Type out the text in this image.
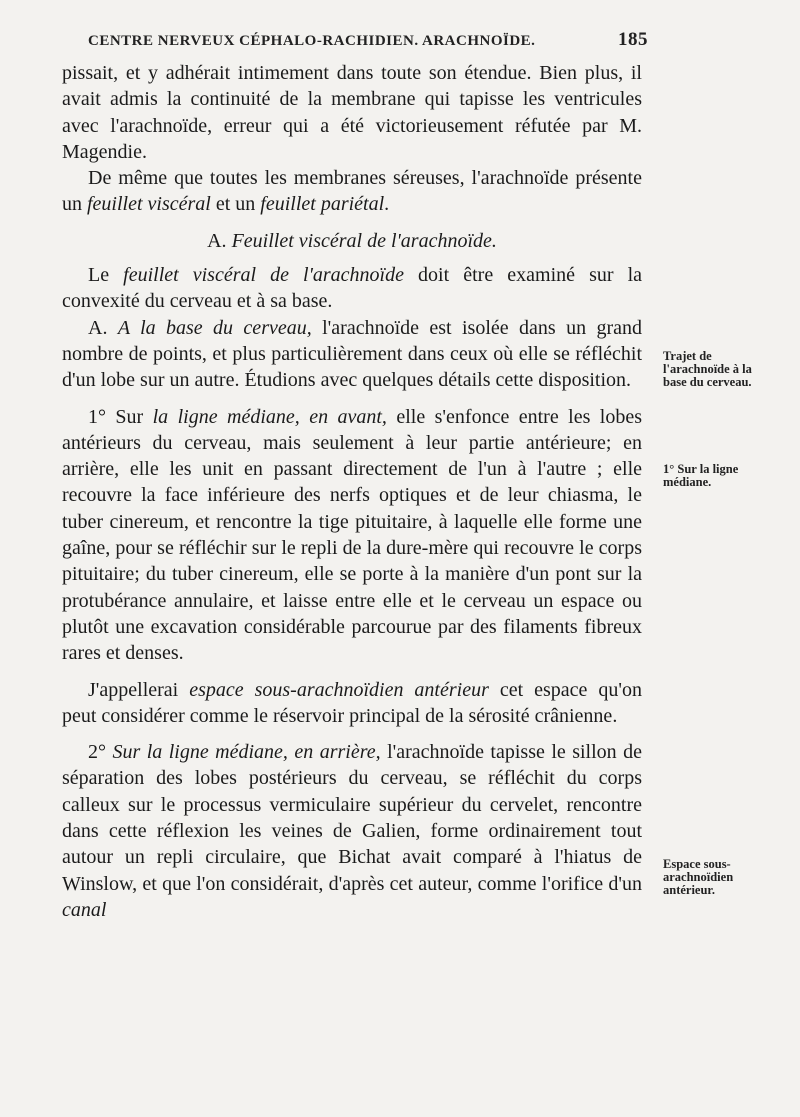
CENTRE NERVEUX CÉPHALO-RACHIDIEN. ARACHNOÏDE.	185

pissait, et y adhérait intimement dans toute son étendue. Bien plus, il avait admis la continuité de la membrane qui tapisse les ventricules avec l'arachnoïde, erreur qui a été victorieusement réfutée par M. Magendie.

De même que toutes les membranes séreuses, l'arachnoïde présente un feuillet viscéral et un feuillet pariétal.

A. Feuillet viscéral de l'arachnoïde.

Le feuillet viscéral de l'arachnoïde doit être examiné sur la convexité du cerveau et à sa base.

A. A la base du cerveau, l'arachnoïde est isolée dans un grand nombre de points, et plus particulièrement dans ceux où elle se réfléchit d'un lobe sur un autre. Étudions avec quelques détails cette disposition.

1° Sur la ligne médiane, en avant, elle s'enfonce entre les lobes antérieurs du cerveau, mais seulement à leur partie antérieure; en arrière, elle les unit en passant directement de l'un à l'autre ; elle recouvre la face inférieure des nerfs optiques et de leur chiasma, le tuber cinereum, et rencontre la tige pituitaire, à laquelle elle forme une gaîne, pour se réfléchir sur le repli de la dure-mère qui recouvre le corps pituitaire; du tuber cinereum, elle se porte à la manière d'un pont sur la protubérance annulaire, et laisse entre elle et le cerveau un espace ou plutôt une excavation considérable parcourue par des filaments fibreux rares et denses.

J'appellerai espace sous-arachnoïdien antérieur cet espace qu'on peut considérer comme le réservoir principal de la sérosité crânienne.

2° Sur la ligne médiane, en arrière, l'arachnoïde tapisse le sillon de séparation des lobes postérieurs du cerveau, se réfléchit du corps calleux sur le processus vermiculaire supérieur du cervelet, rencontre dans cette réflexion les veines de Galien, forme ordinairement tout autour un repli circulaire, que Bichat avait comparé à l'hiatus de Winslow, et que l'on considérait, d'après cet auteur, comme l'orifice d'un canal

Trajet de l'arachnoïde à la base du cerveau.
1° Sur la ligne médiane.
Espace sous-arachnoïdien antérieur.
